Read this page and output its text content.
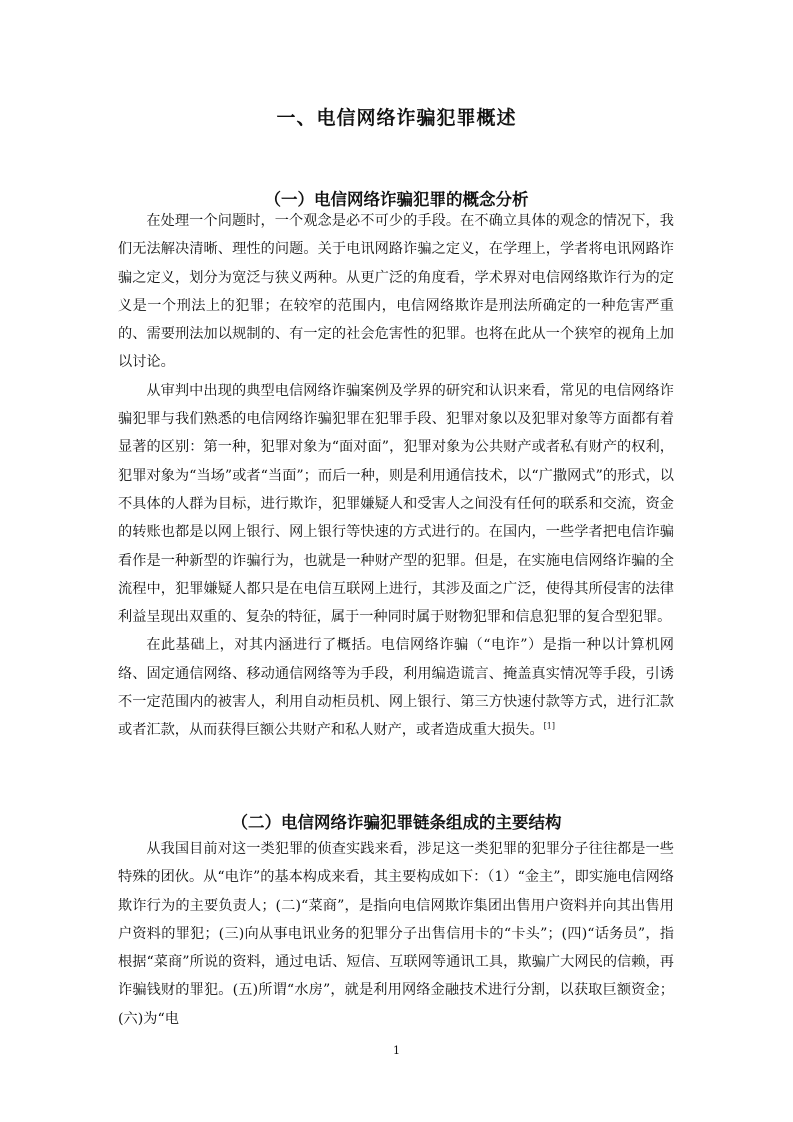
一、电信网络诈骗犯罪概述
（一）电信网络诈骗犯罪的概念分析

在处理一个问题时，一个观念是必不可少的手段。在不确立具体的观念的情况下，我们无法解决清晰、理性的问题。关于电讯网路诈骗之定义，在学理上，学者将电讯网路诈骗之定义，划分为宽泛与狭义两种。从更广泛的角度看，学术界对电信网络欺诈行为的定义是一个刑法上的犯罪；在较窄的范围内，电信网络欺诈是刑法所确定的一种危害严重的、需要刑法加以规制的、有一定的社会危害性的犯罪。也将在此从一个狭窄的视角上加以讨论。

从审判中出现的典型电信网络诈骗案例及学界的研究和认识来看，常见的电信网络诈骗犯罪与我们熟悉的电信网络诈骗犯罪在犯罪手段、犯罪对象以及犯罪对象等方面都有着显著的区别：第一种，犯罪对象为“面对面”，犯罪对象为公共财产或者私有财产的权利，犯罪对象为“当场”或者“当面”；而后一种，则是利用通信技术，以“广撒网式”的形式，以不具体的人群为目标，进行欺诈，犯罪嫌疑人和受害人之间没有任何的联系和交流，资金的转账也都是以网上银行、网上银行等快速的方式进行的。在国内，一些学者把电信诈骗看作是一种新型的诈骗行为，也就是一种财产型的犯罪。但是，在实施电信网络诈骗的全流程中，犯罪嫌疑人都只是在电信互联网上进行，其涉及面之广泛，使得其所侵害的法律利益呈现出双重的、复杂的特征，属于一种同时属于财物犯罪和信息犯罪的复合型犯罪。

在此基础上，对其内涵进行了概括。电信网络诈骗（“电诈”）是指一种以计算机网络、固定通信网络、移动通信网络等为手段，利用编造谎言、掩盖真实情况等手段，引诱不一定范围内的被害人，利用自动柜员机、网上银行、第三方快速付款等方式，进行汇款或者汇款，从而获得巨额公共财产和私人财产，或者造成重大损失。[1]

（二）电信网络诈骗犯罪链条组成的主要结构

从我国目前对这一类犯罪的侦查实践来看，涉足这一类犯罪的犯罪分子往往都是一些特殊的团伙。从“电诈”的基本构成来看，其主要构成如下：（1）“金主”，即实施电信网络欺诈行为的主要负责人；(二)“菜商”，是指向电信网欺诈集团出售用户资料并向其出售用户资料的罪犯；(三)向从事电讯业务的犯罪分子出售信用卡的“卡头”；(四)“话务员”，指根据“菜商”所说的资料，通过电话、短信、互联网等通讯工具，欺骗广大网民的信赖，再诈骗钱财的罪犯。(五)所谓“水房”，就是利用网络金融技术进行分割，以获取巨额资金；(六)为“电

1
